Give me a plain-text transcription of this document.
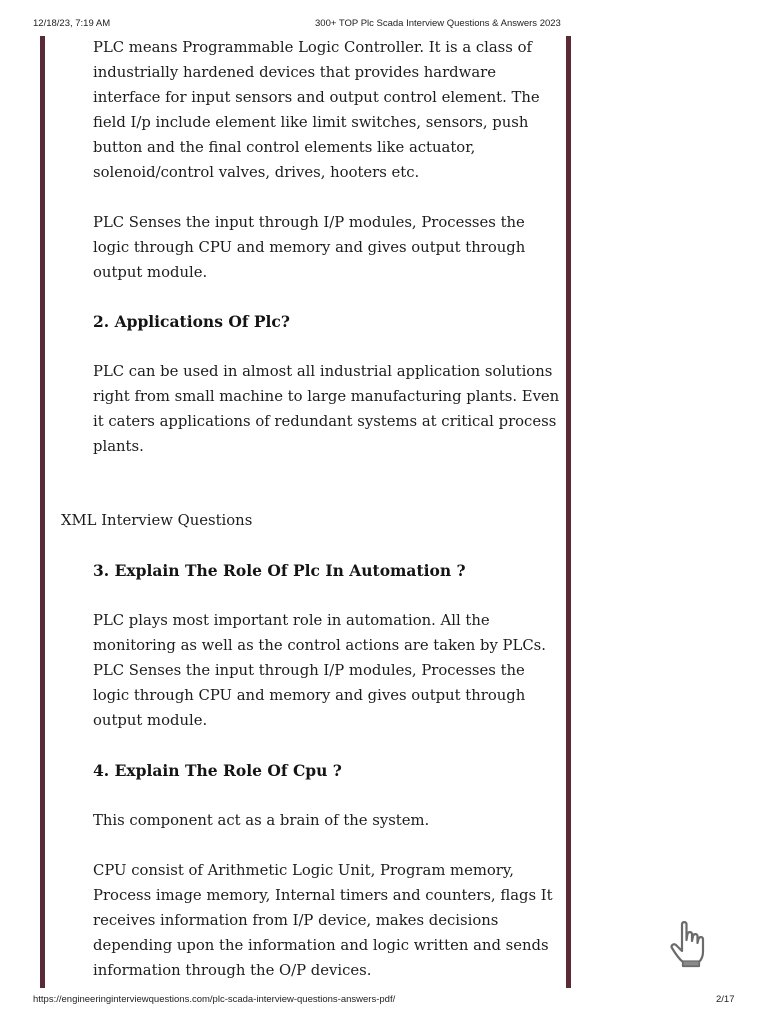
12/18/23, 7:19 AM	300+ TOP Plc Scada Interview Questions & Answers 2023

PLC means Programmable Logic Controller. It is a class of industrially hardened devices that provides hardware interface for input sensors and output control element. The field I/p include element like limit switches, sensors, push button and the final control elements like actuator, solenoid/control valves, drives, hooters etc.

PLC Senses the input through I/P modules, Processes the logic through CPU and memory and gives output through output module.

2. Applications Of Plc?

PLC can be used in almost all industrial application solutions right from small machine to large manufacturing plants. Even it caters applications of redundant systems at critical process plants.

XML Interview Questions

3. Explain The Role Of Plc In Automation ?

PLC plays most important role in automation. All the monitoring as well as the control actions are taken by PLCs. PLC Senses the input through I/P modules, Processes the logic through CPU and memory and gives output through output module.

4. Explain The Role Of Cpu ?

This component act as a brain of the system.

CPU consist of Arithmetic Logic Unit, Program memory, Process image memory, Internal timers and counters, flags It receives information from I/P device, makes decisions depending upon the information and logic written and sends information through the O/P devices.

https://engineeringinterviewquestions.com/plc-scada-interview-questions-answers-pdf/	2/17
